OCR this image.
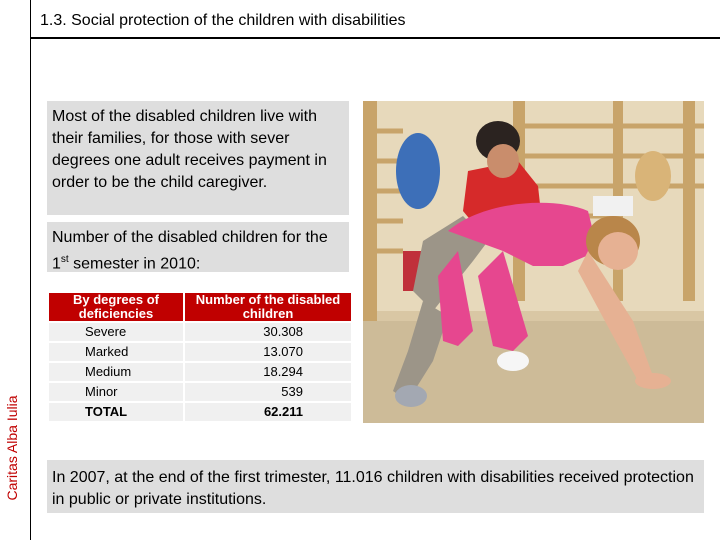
Caritas Alba Iulia
1.3. Social protection of the children with disabilities
Most of the disabled children live with their families, for those with sever degrees one adult receives payment in order to be the child caregiver.
Number of the disabled children for the 1st semester in 2010:
By degrees of deficiencies	Number of the disabled children
Severe	30.308
Marked	13.070
Medium	18.294
Minor	539
TOTAL	62.211
In 2007, at the end of the first trimester, 11.016 children with disabilities received protection in public or private institutions.
